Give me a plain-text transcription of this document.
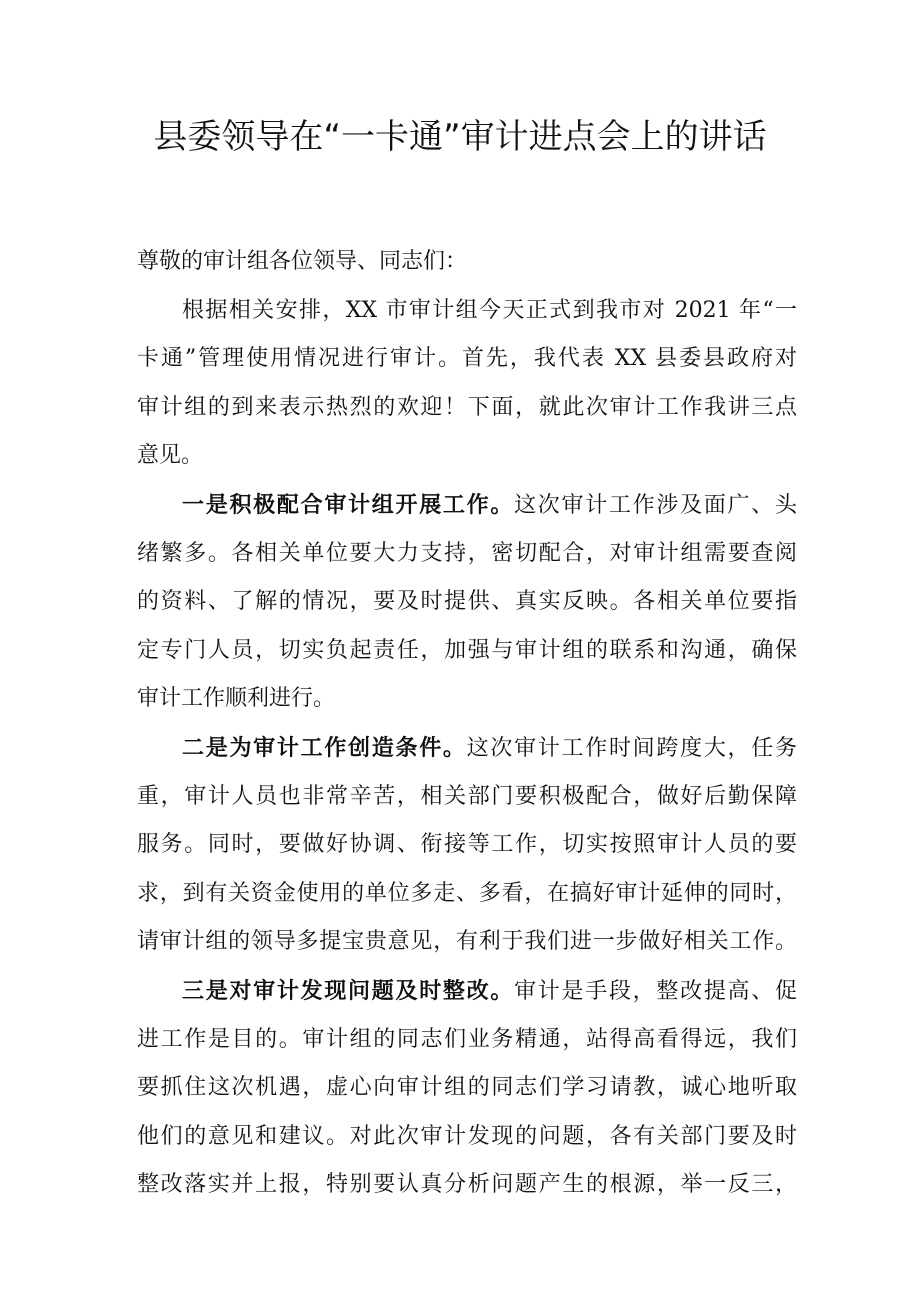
县委领导在“一卡通”审计进点会上的讲话
尊敬的审计组各位领导、同志们：
根据相关安排，XX 市审计组今天正式到我市对 2021 年“一
卡通”管理使用情况进行审计。首先，我代表 XX 县委县政府对
审计组的到来表示热烈的欢迎！下面，就此次审计工作我讲三点
意见。
一是积极配合审计组开展工作。这次审计工作涉及面广、头
绪繁多。各相关单位要大力支持，密切配合，对审计组需要查阅
的资料、了解的情况，要及时提供、真实反映。各相关单位要指
定专门人员，切实负起责任，加强与审计组的联系和沟通，确保
审计工作顺利进行。
二是为审计工作创造条件。这次审计工作时间跨度大，任务
重，审计人员也非常辛苦，相关部门要积极配合，做好后勤保障
服务。同时，要做好协调、衔接等工作，切实按照审计人员的要
求，到有关资金使用的单位多走、多看，在搞好审计延伸的同时，
请审计组的领导多提宝贵意见，有利于我们进一步做好相关工作。
三是对审计发现问题及时整改。审计是手段，整改提高、促
进工作是目的。审计组的同志们业务精通，站得高看得远，我们
要抓住这次机遇，虚心向审计组的同志们学习请教，诚心地听取
他们的意见和建议。对此次审计发现的问题，各有关部门要及时
整改落实并上报，特别要认真分析问题产生的根源，举一反三，
